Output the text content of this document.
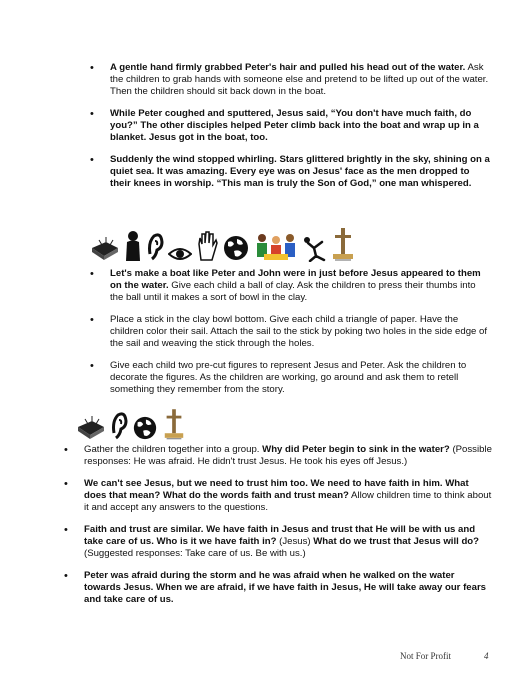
• A gentle hand firmly grabbed Peter's hair and pulled his head out of the water. Ask the children to grab hands with someone else and pretend to be lifted up out of the water. Then the children should sit back down in the boat.
• While Peter coughed and sputtered, Jesus said, “You don't have much faith, do you?” The other disciples helped Peter climb back into the boat and wrap up in a blanket. Jesus got in the boat, too.
• Suddenly the wind stopped whirling. Stars glittered brightly in the sky, shining on a quiet sea. It was amazing. Every eye was on Jesus' face as the men dropped to their knees in worship. “This man is truly the Son of God,” one man whispered.
• Let's make a boat like Peter and John were in just before Jesus appeared to them on the water. Give each child a ball of clay. Ask the children to press their thumbs into the ball until it makes a sort of bowl in the clay.
• Place a stick in the clay bowl bottom. Give each child a triangle of paper. Have the children color their sail. Attach the sail to the stick by poking two holes in the side edge of the sail and weaving the stick through the holes.
• Give each child two pre-cut figures to represent Jesus and Peter. Ask the children to decorate the figures. As the children are working, go around and ask them to retell something they remember from the story.
• Gather the children together into a group. Why did Peter begin to sink in the water? (Possible responses: He was afraid. He didn't trust Jesus. He took his eyes off Jesus.)
• We can't see Jesus, but we need to trust him too. We need to have faith in him. What does that mean? What do the words faith and trust mean? Allow children time to think about it and accept any answers to the questions.
• Faith and trust are similar. We have faith in Jesus and trust that He will be with us and take care of us. Who is it we have faith in? (Jesus) What do we trust that Jesus will do? (Suggested responses: Take care of us. Be with us.)
• Peter was afraid during the storm and he was afraid when he walked on the water towards Jesus. When we are afraid, if we have faith in Jesus, He will take away our fears and take care of us.
Not For Profit	4
